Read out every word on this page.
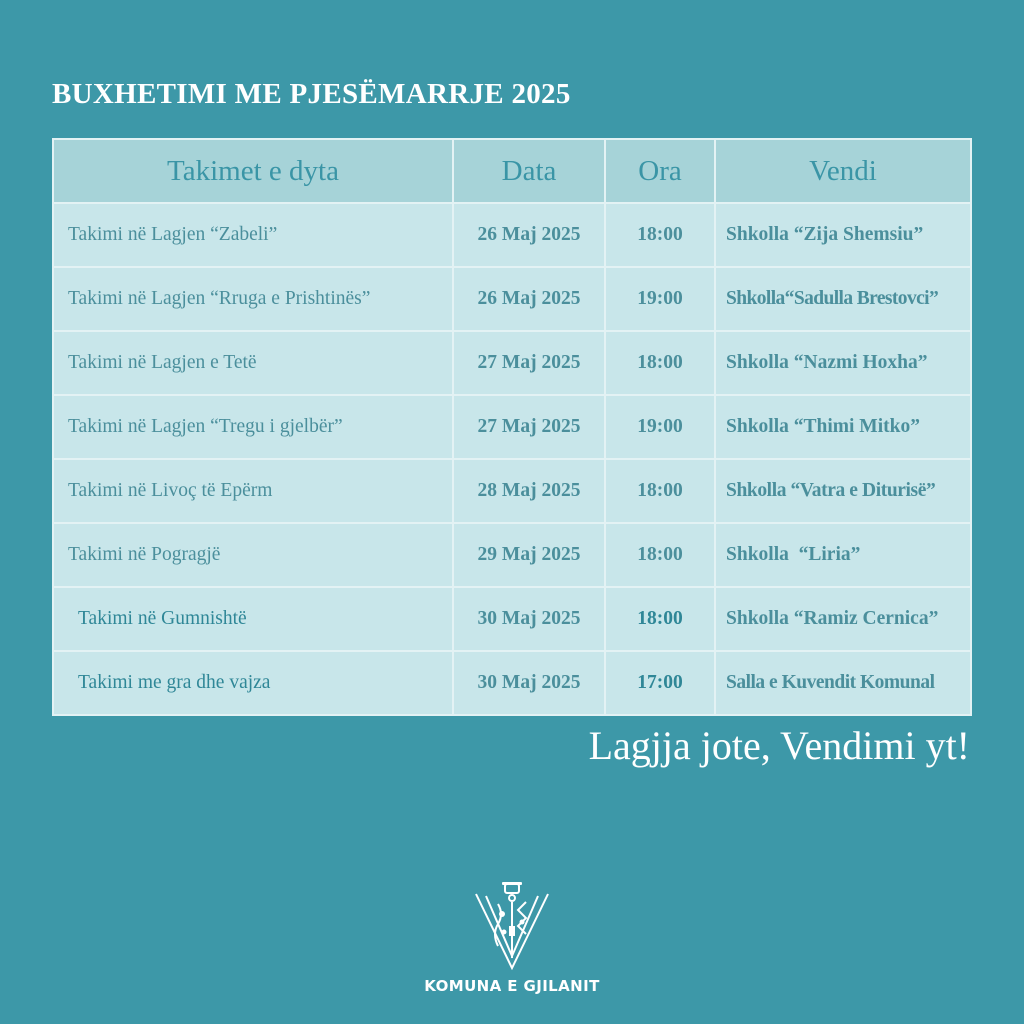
BUXHETIMI ME PJESËMARRJE 2025
Takimet e dyta	Data	Ora	Vendi
Takimi në Lagjen “Zabeli”	26 Maj 2025	18:00	Shkolla “Zija Shemsiu”
Takimi në Lagjen “Rruga e Prishtinës”	26 Maj 2025	19:00	Shkolla“Sadulla Brestovci”
Takimi në Lagjen e Tetë	27 Maj 2025	18:00	Shkolla “Nazmi Hoxha”
Takimi në Lagjen “Tregu i gjelbër”	27 Maj 2025	19:00	Shkolla “Thimi Mitko”
Takimi në Livoç të Epërm	28 Maj 2025	18:00	Shkolla “Vatra e Diturisë”
Takimi në Pogragjë	29 Maj 2025	18:00	Shkolla  “Liria”
Takimi në Gumnishtë	30 Maj 2025	18:00	Shkolla “Ramiz Cernica”
Takimi me gra dhe vajza	30 Maj 2025	17:00	Salla e Kuvendit Komunal
Lagjja jote, Vendimi yt!
KOMUNA E GJILANIT
